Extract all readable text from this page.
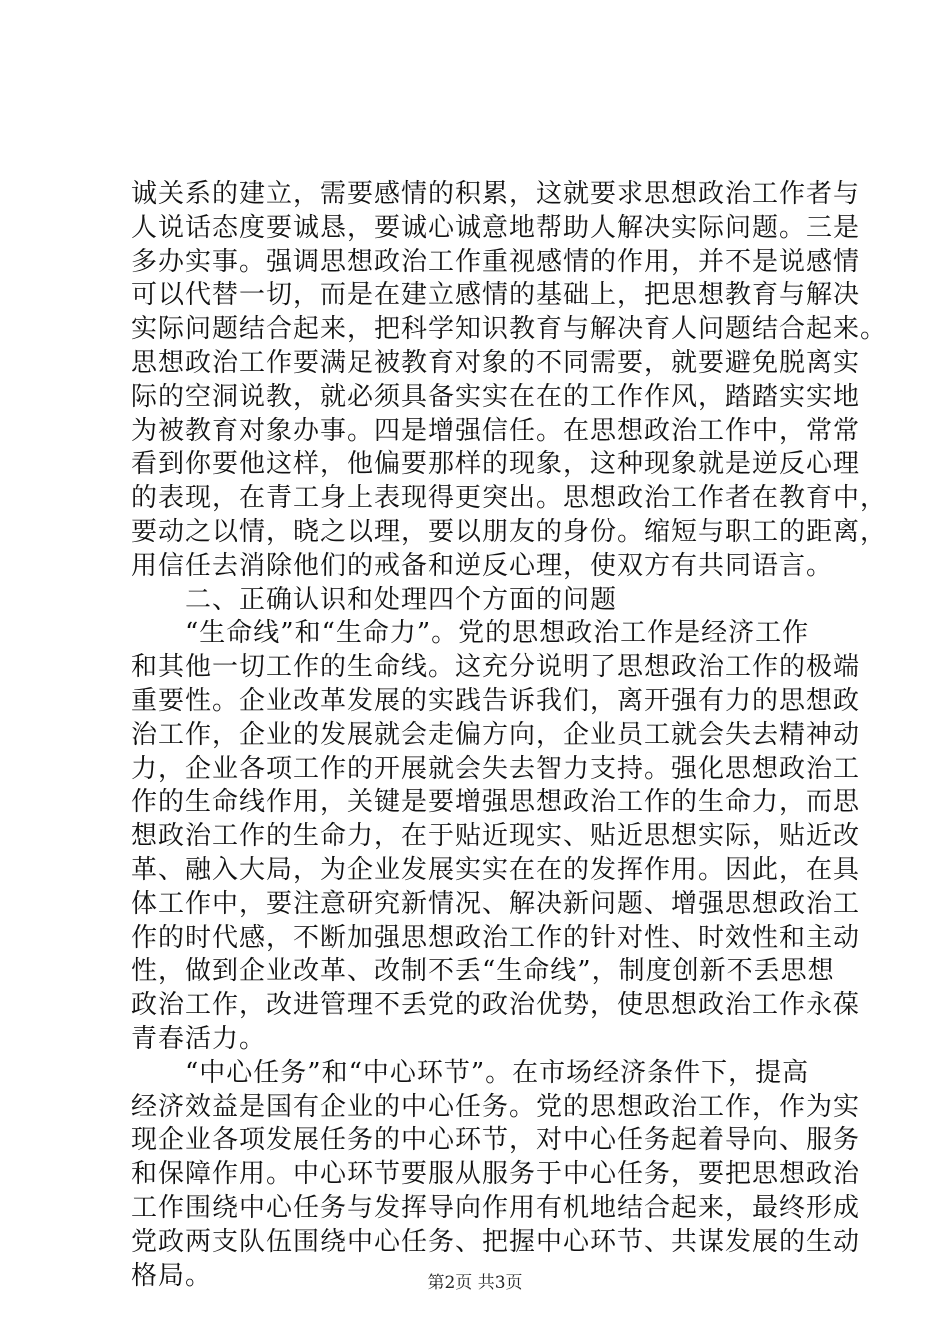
诚关系的建立，需要感情的积累，这就要求思想政治工作者与
人说话态度要诚恳，要诚心诚意地帮助人解决实际问题。三是
多办实事。强调思想政治工作重视感情的作用，并不是说感情
可以代替一切，而是在建立感情的基础上，把思想教育与解决
实际问题结合起来，把科学知识教育与解决育人问题结合起来。
思想政治工作要满足被教育对象的不同需要，就要避免脱离实
际的空洞说教，就必须具备实实在在的工作作风，踏踏实实地
为被教育对象办事。四是增强信任。在思想政治工作中，常常
看到你要他这样，他偏要那样的现象，这种现象就是逆反心理
的表现，在青工身上表现得更突出。思想政治工作者在教育中，
要动之以情，晓之以理，要以朋友的身份。缩短与职工的距离，
用信任去消除他们的戒备和逆反心理，使双方有共同语言。
　　二、正确认识和处理四个方面的问题
　　“生命线”和“生命力”。党的思想政治工作是经济工作
和其他一切工作的生命线。这充分说明了思想政治工作的极端
重要性。企业改革发展的实践告诉我们，离开强有力的思想政
治工作，企业的发展就会走偏方向，企业员工就会失去精神动
力，企业各项工作的开展就会失去智力支持。强化思想政治工
作的生命线作用，关键是要增强思想政治工作的生命力，而思
想政治工作的生命力，在于贴近现实、贴近思想实际，贴近改
革、融入大局，为企业发展实实在在的发挥作用。因此，在具
体工作中，要注意研究新情况、解决新问题、增强思想政治工
作的时代感，不断加强思想政治工作的针对性、时效性和主动
性，做到企业改革、改制不丢“生命线”，制度创新不丢思想
政治工作，改进管理不丢党的政治优势，使思想政治工作永葆
青春活力。
　　“中心任务”和“中心环节”。在市场经济条件下，提高
经济效益是国有企业的中心任务。党的思想政治工作，作为实
现企业各项发展任务的中心环节，对中心任务起着导向、服务
和保障作用。中心环节要服从服务于中心任务，要把思想政治
工作围绕中心任务与发挥导向作用有机地结合起来，最终形成
党政两支队伍围绕中心任务、把握中心环节、共谋发展的生动
格局。	第2页 共3页
